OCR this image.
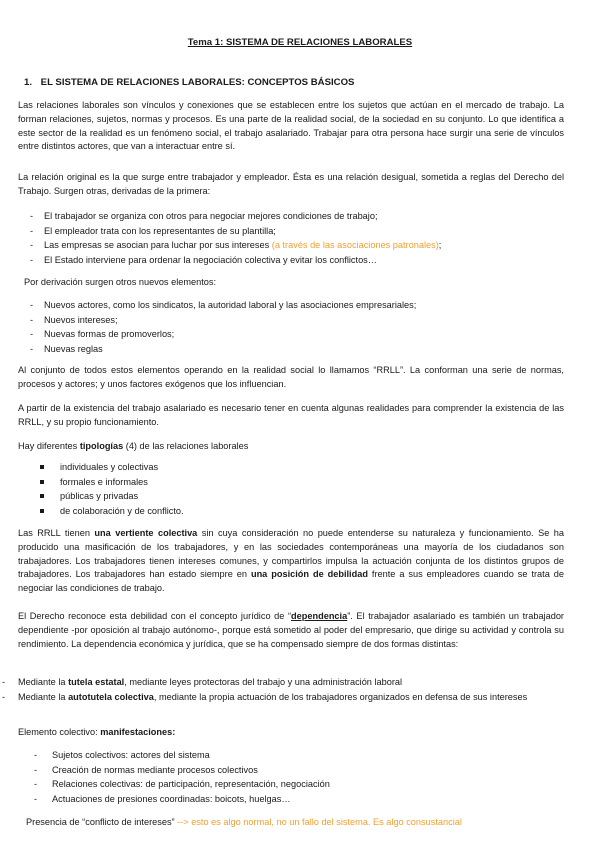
Tema 1: SISTEMA DE RELACIONES LABORALES
1. EL SISTEMA DE RELACIONES LABORALES: CONCEPTOS BÁSICOS

Las relaciones laborales son vínculos y conexiones que se establecen entre los sujetos que actúan en el mercado de trabajo. La forman relaciones, sujetos, normas y procesos. Es una parte de la realidad social, de la sociedad en su conjunto. Lo que identifica a este sector de la realidad es un fenómeno social, el trabajo asalariado. Trabajar para otra persona hace surgir una serie de vínculos entre distintos actores, que van a interactuar entre sí.

La relación original es la que surge entre trabajador y empleador. Ésta es una relación desigual, sometida a reglas del Derecho del Trabajo. Surgen otras, derivadas de la primera:

- El trabajador se organiza con otros para negociar mejores condiciones de trabajo;
- El empleador trata con los representantes de su plantilla;
- Las empresas se asocian para luchar por sus intereses (a través de las asociaciones patronales);
- El Estado interviene para ordenar la negociación colectiva y evitar los conflictos…

Por derivación surgen otros nuevos elementos:

- Nuevos actores, como los sindicatos, la autoridad laboral y las asociaciones empresariales;
- Nuevos intereses;
- Nuevas formas de promoverlos;
- Nuevas reglas

Al conjunto de todos estos elementos operando en la realidad social lo llamamos “RRLL”. La conforman una serie de normas, procesos y actores; y unos factores exógenos que los influencian.

A partir de la existencia del trabajo asalariado es necesario tener en cuenta algunas realidades para comprender la existencia de las RRLL, y su propio funcionamiento.

Hay diferentes tipologías (4) de las relaciones laborales

individuales y colectivas
formales e informales
públicas y privadas
de colaboración y de conflicto.

Las RRLL tienen una vertiente colectiva sin cuya consideración no puede entenderse su naturaleza y funcionamiento. Se ha producido una masificación de los trabajadores, y en las sociedades contemporáneas una mayoría de los ciudadanos son trabajadores. Los trabajadores tienen intereses comunes, y compartirlos impulsa la actuación conjunta de los distintos grupos de trabajadores. Los trabajadores han estado siempre en una posición de debilidad frente a sus empleadores cuando se trata de negociar las condiciones de trabajo.

El Derecho reconoce esta debilidad con el concepto jurídico de “dependencia”. El trabajador asalariado es también un trabajador dependiente -por oposición al trabajo autónomo-, porque está sometido al poder del empresario, que dirige su actividad y controla su rendimiento. La dependencia económica y jurídica, que se ha compensado siempre de dos formas distintas:

- Mediante la tutela estatal, mediante leyes protectoras del trabajo y una administración laboral
- Mediante la autotutela colectiva, mediante la propia actuación de los trabajadores organizados en defensa de sus intereses

Elemento colectivo: manifestaciones:

- Sujetos colectivos: actores del sistema
- Creación de normas mediante procesos colectivos
- Relaciones colectivas: de participación, representación, negociación
- Actuaciones de presiones coordinadas: boicots, huelgas…

Presencia de “conflicto de intereses” --> esto es algo normal, no un fallo del sistema. Es algo consustancial
